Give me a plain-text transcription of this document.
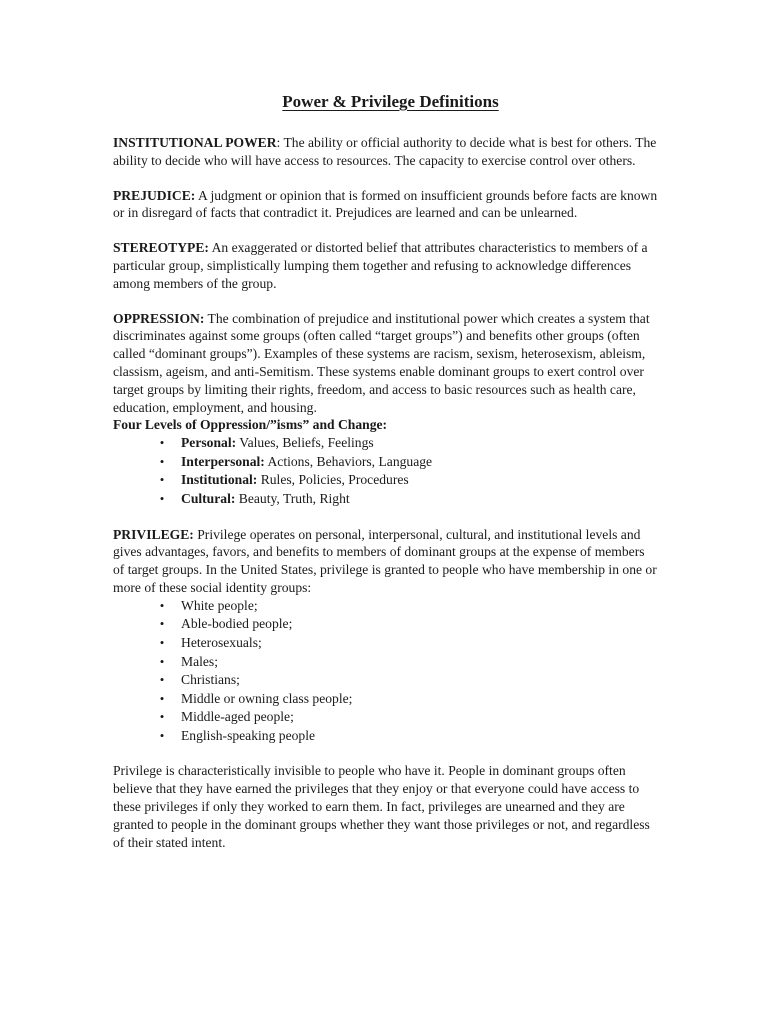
Power & Privilege Definitions

INSTITUTIONAL POWER: The ability or official authority to decide what is best for others. The ability to decide who will have access to resources. The capacity to exercise control over others.

PREJUDICE: A judgment or opinion that is formed on insufficient grounds before facts are known or in disregard of facts that contradict it. Prejudices are learned and can be unlearned.

STEREOTYPE: An exaggerated or distorted belief that attributes characteristics to members of a particular group, simplistically lumping them together and refusing to acknowledge differences among members of the group.

OPPRESSION: The combination of prejudice and institutional power which creates a system that discriminates against some groups (often called “target groups”) and benefits other groups (often called “dominant groups”). Examples of these systems are racism, sexism, heterosexism, ableism, classism, ageism, and anti-Semitism. These systems enable dominant groups to exert control over target groups by limiting their rights, freedom, and access to basic resources such as health care, education, employment, and housing.

Four Levels of Oppression/”isms” and Change:

• Personal: Values, Beliefs, Feelings
• Interpersonal: Actions, Behaviors, Language
• Institutional: Rules, Policies, Procedures
• Cultural: Beauty, Truth, Right

PRIVILEGE: Privilege operates on personal, interpersonal, cultural, and institutional levels and gives advantages, favors, and benefits to members of dominant groups at the expense of members of target groups. In the United States, privilege is granted to people who have membership in one or more of these social identity groups:

• White people;
• Able-bodied people;
• Heterosexuals;
• Males;
• Christians;
• Middle or owning class people;
• Middle-aged people;
• English-speaking people

Privilege is characteristically invisible to people who have it. People in dominant groups often believe that they have earned the privileges that they enjoy or that everyone could have access to these privileges if only they worked to earn them. In fact, privileges are unearned and they are granted to people in the dominant groups whether they want those privileges or not, and regardless of their stated intent.
